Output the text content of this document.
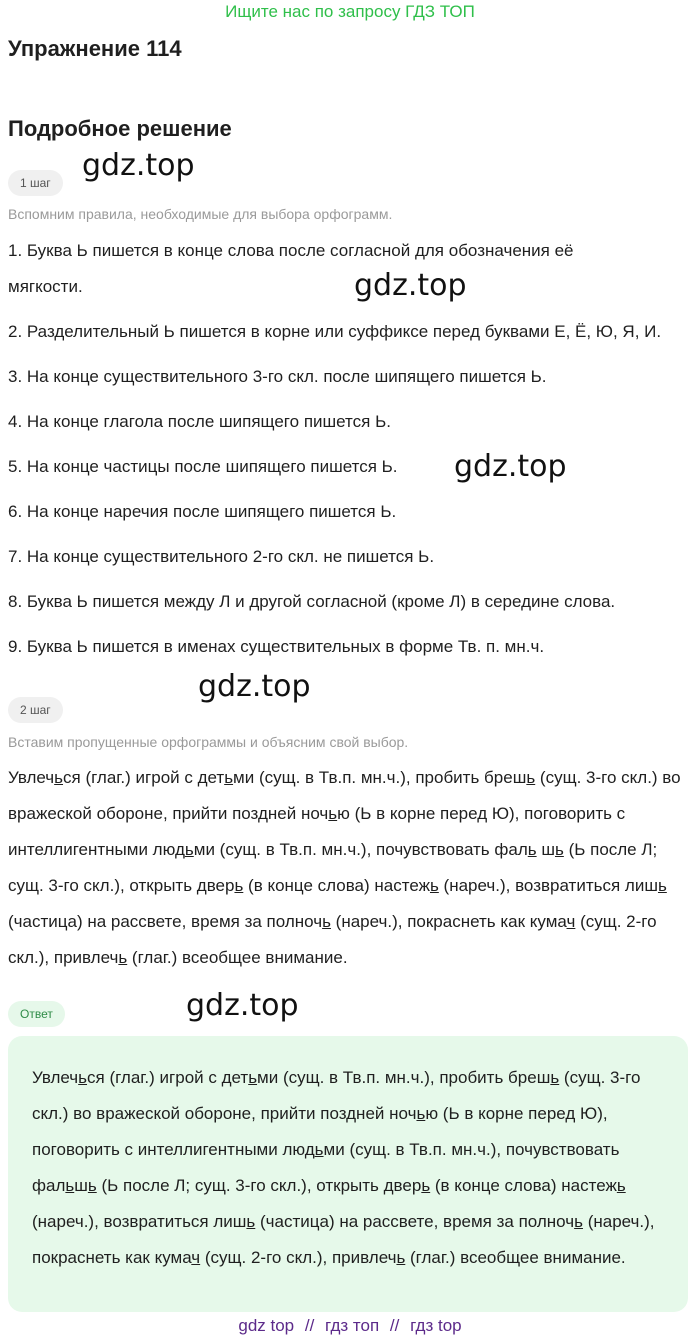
Ищите нас по запросу ГДЗ ТОП
Упражнение 114
Подробное решение
gdz.top
gdz.top
gdz.top
gdz.top
gdz.top
1 шаг
Вспомним правила, необходимые для выбора орфограмм.
1. Буква Ь пишется в конце слова после согласной для обозначения её
мягкости.
2. Разделительный Ь пишется в корне или суффиксе перед буквами Е, Ё, Ю, Я, И.
3. На конце существительного 3-го скл. после шипящего пишется Ь.
4. На конце глагола после шипящего пишется Ь.
5. На конце частицы после шипящего пишется Ь.
6. На конце наречия после шипящего пишется Ь.
7. На конце существительного 2-го скл. не пишется Ь.
8. Буква Ь пишется между Л и другой согласной (кроме Л) в середине слова.
9. Буква Ь пишется в именах существительных в форме Тв. п. мн.ч.
2 шаг
Вставим пропущенные орфограммы и объясним свой выбор.
Увлечься (глаг.) игрой с детьми (сущ. в Тв.п. мн.ч.), пробить брешь (сущ. 3-го скл.) во вражеской обороне, прийти поздней ночью (Ь в корне перед Ю), поговорить с интеллигентными людьми (сущ. в Тв.п. мн.ч.), почувствовать фаль шь (Ь после Л; сущ. 3-го скл.), открыть дверь (в конце слова) настежь (нареч.), возвратиться лишь (частица) на рассвете, время за полночь (нареч.), покраснеть как кумач (сущ. 2-го скл.), привлечь (глаг.) всеобщее внимание.
Ответ
Увлечься (глаг.) игрой с детьми (сущ. в Тв.п. мн.ч.), пробить брешь (сущ. 3-го скл.) во вражеской обороне, прийти поздней ночью (Ь в корне перед Ю), поговорить с интеллигентными людьми (сущ. в Тв.п. мн.ч.), почувствовать фальшь (Ь после Л; сущ. 3-го скл.), открыть дверь (в конце слова) настежь (нареч.), возвратиться лишь (частица) на рассвете, время за полночь (нареч.), покраснеть как кумач (сущ. 2-го скл.), привлечь (глаг.) всеобщее внимание.
gdz top // гдз топ // гдз top
